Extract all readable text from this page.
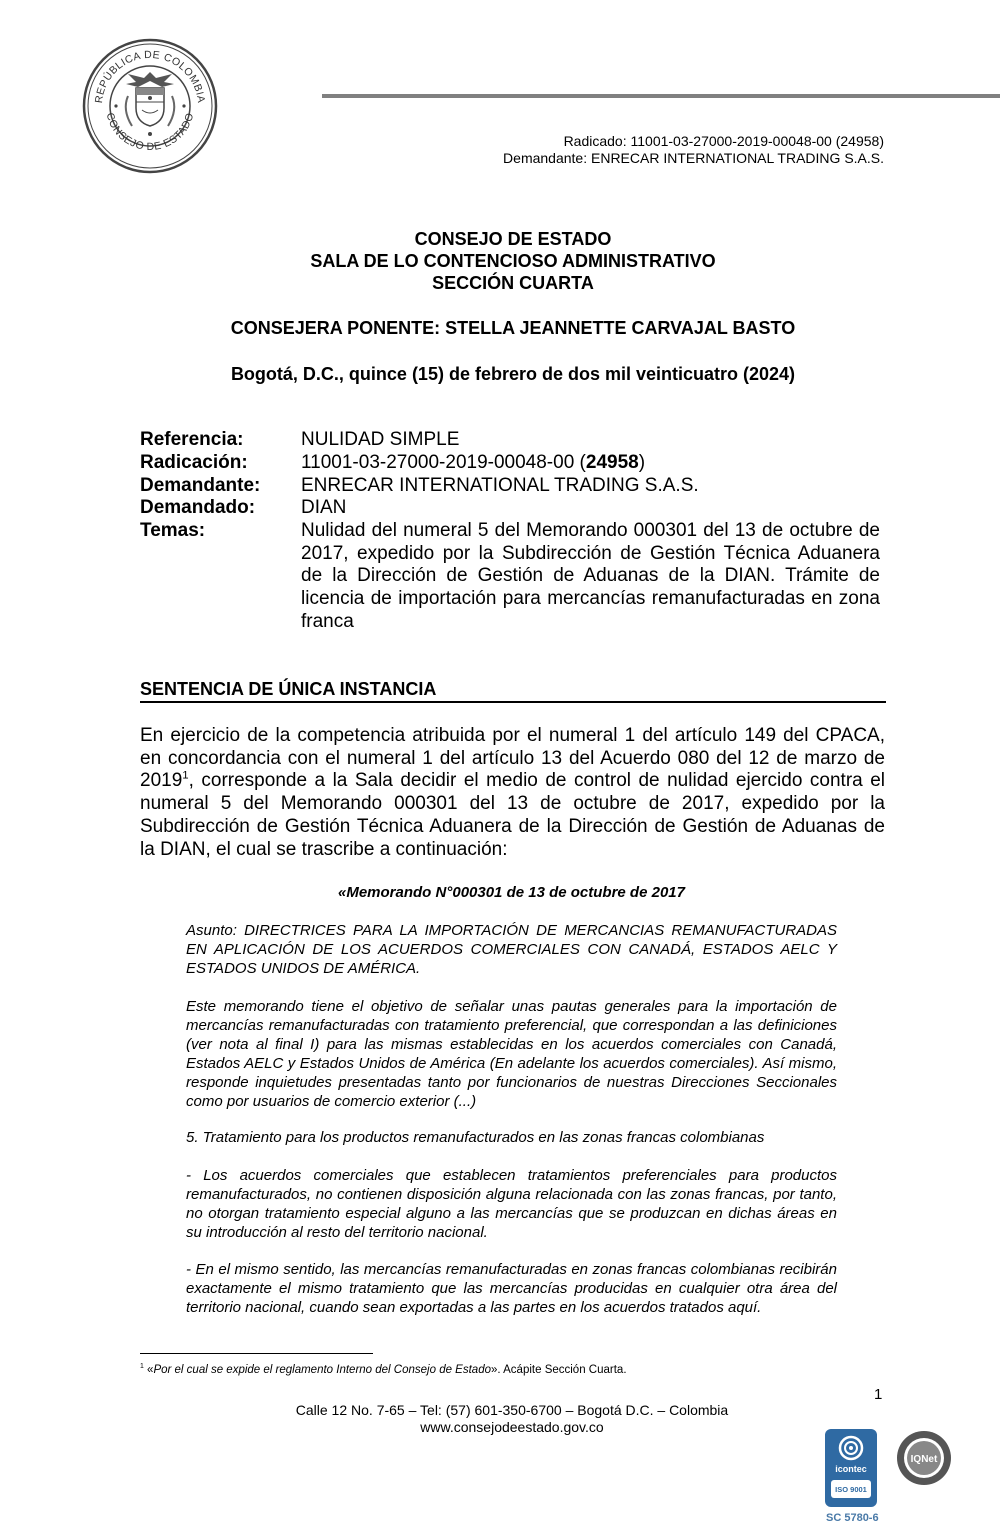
REPÚBLICA DE COLOMBIA
CONSEJO DE ESTADO
Radicado: 11001-03-27000-2019-00048-00 (24958)
Demandante: ENRECAR INTERNATIONAL TRADING S.A.S.
CONSEJO DE ESTADO
SALA DE LO CONTENCIOSO ADMINISTRATIVO
SECCIÓN CUARTA
CONSEJERA PONENTE: STELLA JEANNETTE CARVAJAL BASTO
Bogotá, D.C., quince (15) de febrero de dos mil veinticuatro (2024)
Referencia:	NULIDAD SIMPLE
Radicación:	11001-03-27000-2019-00048-00 (24958)
Demandante: ENRECAR INTERNATIONAL TRADING S.A.S.
Demandado: DIAN
Temas:	Nulidad del numeral 5 del Memorando 000301 del 13 de octubre de 2017, expedido por la Subdirección de Gestión Técnica Aduanera de la Dirección de Gestión de Aduanas de la DIAN. Trámite de licencia de importación para mercancías remanufacturadas en zona franca
SENTENCIA DE ÚNICA INSTANCIA
En ejercicio de la competencia atribuida por el numeral 1 del artículo 149 del CPACA, en concordancia con el numeral 1 del artículo 13 del Acuerdo 080 del 12 de marzo de 2019$^1$, corresponde a la Sala decidir el medio de control de nulidad ejercido contra el numeral 5 del Memorando 000301 del 13 de octubre de 2017, expedido por la Subdirección de Gestión Técnica Aduanera de la Dirección de Gestión de Aduanas de la DIAN, el cual se trascribe a continuación:
«Memorando N°000301 de 13 de octubre de 2017
Asunto: DIRECTRICES PARA LA IMPORTACIÓN DE MERCANCIAS REMANUFACTURADAS EN APLICACIÓN DE LOS ACUERDOS COMERCIALES CON CANADÁ, ESTADOS AELC Y ESTADOS UNIDOS DE AMÉRICA.
Este memorando tiene el objetivo de señalar unas pautas generales para la importación de mercancías remanufacturadas con tratamiento preferencial, que correspondan a las definiciones (ver nota al final I) para las mismas establecidas en los acuerdos comerciales con Canadá, Estados AELC y Estados Unidos de América (En adelante los acuerdos comerciales). Así mismo, responde inquietudes presentadas tanto por funcionarios de nuestras Direcciones Seccionales como por usuarios de comercio exterior (...)
5. Tratamiento para los productos remanufacturados en las zonas francas colombianas
- Los acuerdos comerciales que establecen tratamientos preferenciales para productos remanufacturados, no contienen disposición alguna relacionada con las zonas francas, por tanto, no otorgan tratamiento especial alguno a las mercancías que se produzcan en dichas áreas en su introducción al resto del territorio nacional.
- En el mismo sentido, las mercancías remanufacturadas en zonas francas colombianas recibirán exactamente el mismo tratamiento que las mercancías producidas en cualquier otra área del territorio nacional, cuando sean exportadas a las partes en los acuerdos tratados aquí.
$^1$ «Por el cual se expide el reglamento Interno del Consejo de Estado». Acápite Sección Cuarta.
1
Calle 12 No. 7-65 – Tel: (57) 601-350-6700 – Bogotá D.C. – Colombia
www.consejodeestado.gov.co
icontec
ISO 9001
IQNet
SC 5780-6
